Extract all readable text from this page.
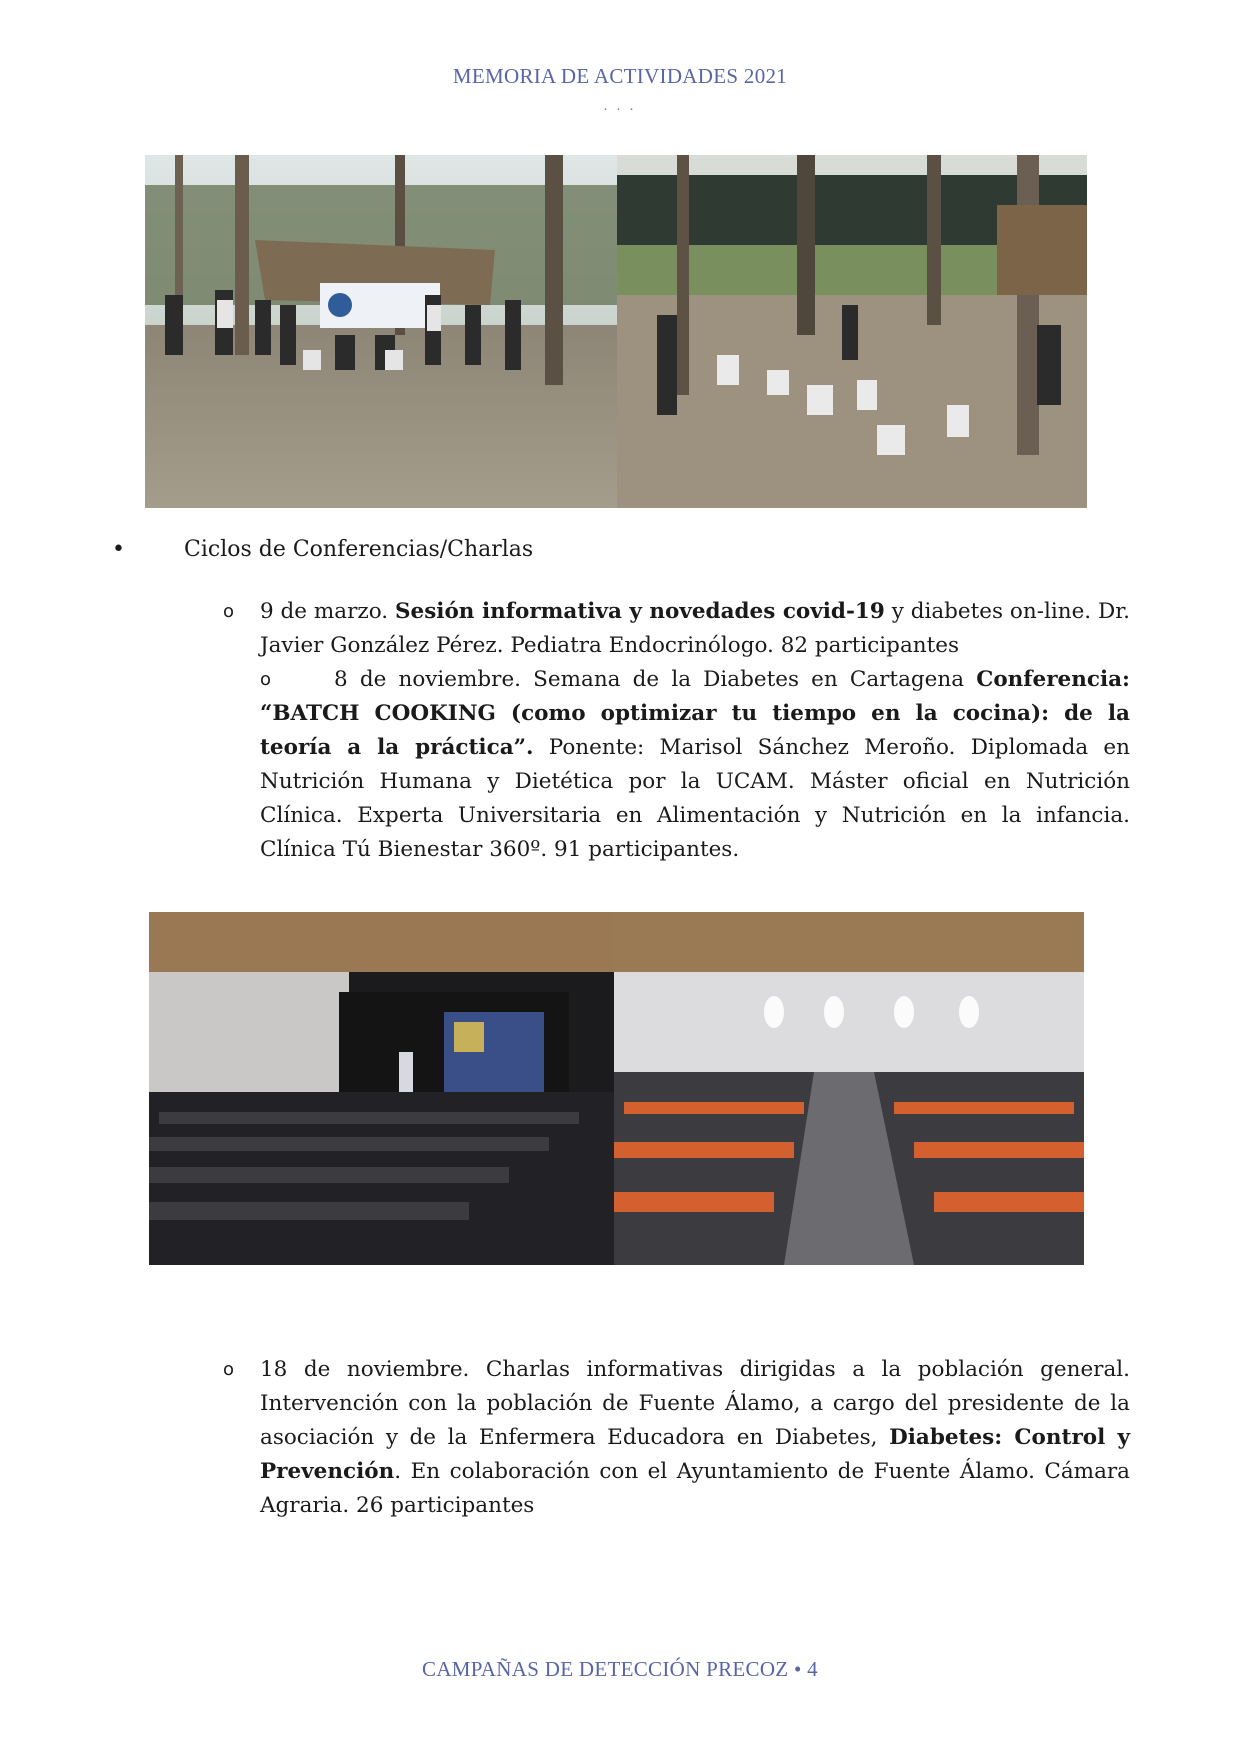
MEMORIA DE ACTIVIDADES 2021
. . .
•	Ciclos de Conferencias/Charlas
o 9 de marzo. Sesión informativa y novedades covid-19 y diabetes on-line. Dr. Javier González Pérez. Pediatra Endocrinólogo. 82 participantes
o	8 de noviembre. Semana de la Diabetes en Cartagena Conferencia: “BATCH COOKING (como optimizar tu tiempo en la cocina): de la teoría a la práctica”. Ponente: Marisol Sánchez Meroño. Diplomada en Nutrición Humana y Dietética por la UCAM. Máster oficial en Nutrición Clínica. Experta Universitaria en Alimentación y Nutrición en la infancia. Clínica Tú Bienestar 360º. 91 participantes.
o 18 de noviembre. Charlas informativas dirigidas a la población general. Intervención con la población de Fuente Álamo, a cargo del presidente de la asociación y de la Enfermera Educadora en Diabetes, Diabetes: Control y Prevención. En colaboración con el Ayuntamiento de Fuente Álamo. Cámara Agraria. 26 participantes
CAMPAÑAS DE DETECCIÓN PRECOZ • 4
